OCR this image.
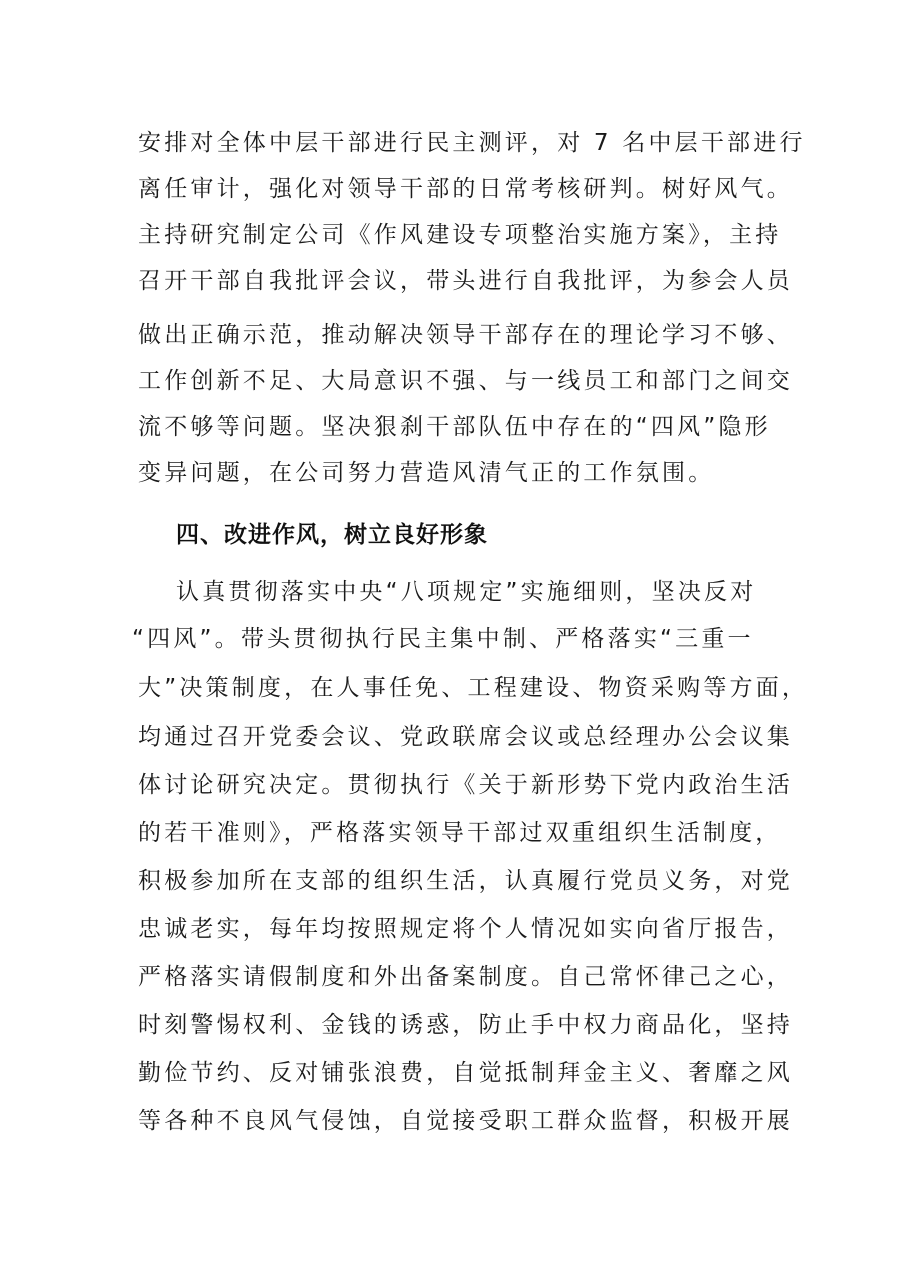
安排对全体中层干部进行民主测评，对 7 名中层干部进行
离任审计，强化对领导干部的日常考核研判。树好风气。
主持研究制定公司《作风建设专项整治实施方案》，主持
召开干部自我批评会议，带头进行自我批评，为参会人员
做出正确示范，推动解决领导干部存在的理论学习不够、
工作创新不足、大局意识不强、与一线员工和部门之间交
流不够等问题。坚决狠刹干部队伍中存在的“四风”隐形
变异问题，在公司努力营造风清气正的工作氛围。
四、改进作风，树立良好形象
认真贯彻落实中央“八项规定”实施细则，坚决反对
“四风”。带头贯彻执行民主集中制、严格落实“三重一
大”决策制度，在人事任免、工程建设、物资采购等方面，
均通过召开党委会议、党政联席会议或总经理办公会议集
体讨论研究决定。贯彻执行《关于新形势下党内政治生活
的若干准则》，严格落实领导干部过双重组织生活制度，
积极参加所在支部的组织生活，认真履行党员义务，对党
忠诚老实，每年均按照规定将个人情况如实向省厅报告，
严格落实请假制度和外出备案制度。自己常怀律己之心，
时刻警惕权利、金钱的诱惑，防止手中权力商品化，坚持
勤俭节约、反对铺张浪费，自觉抵制拜金主义、奢靡之风
等各种不良风气侵蚀，自觉接受职工群众监督，积极开展
